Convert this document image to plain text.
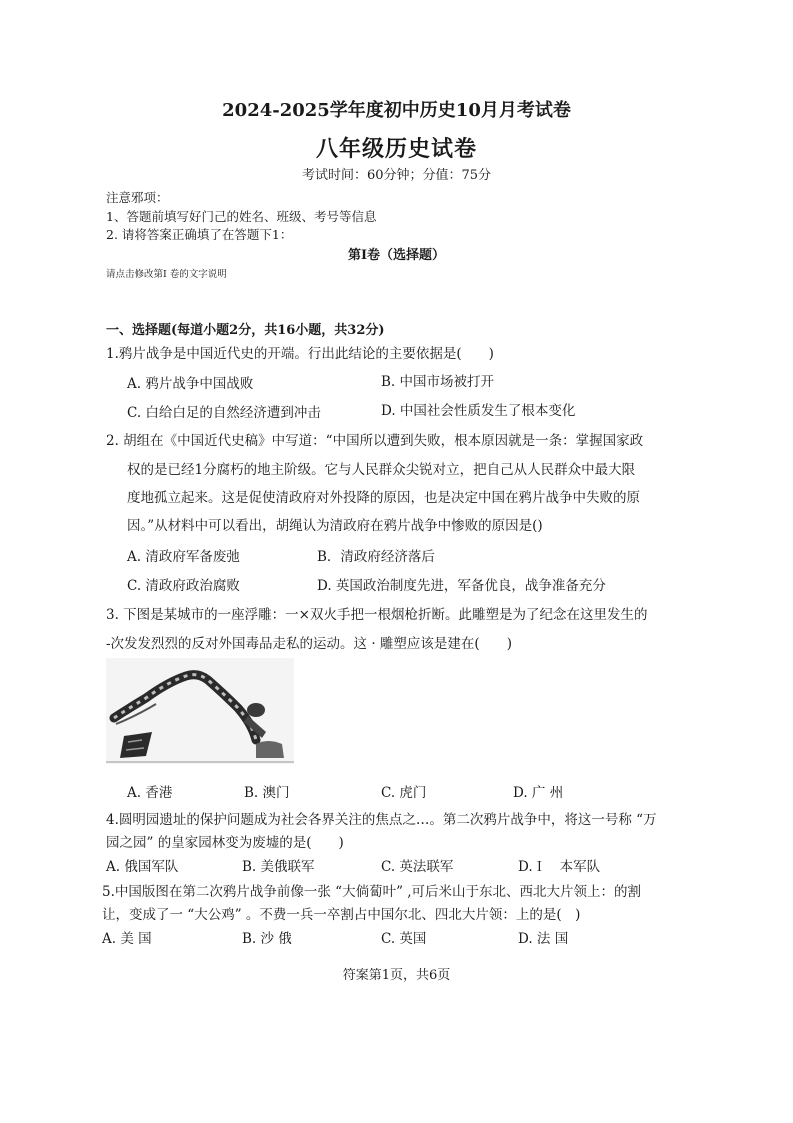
2024-2025学年度初中历史10月月考试卷
八年级历史试卷
考试时间：60分钟；分值：75分
注意邪项：
1、答题前填写好门己的姓名、班级、考号等信息
2. 请将答案正确填了在答题下1：
第Ⅰ卷（选择题）
请点击修改第I 卷的文字说明
一、选择题(每道小题2分，共16小题，共32分)
1.鸦片战争是中国近代史的开端。行出此结论的主要依据是(　　)
A. 鸦片战争中国战败	B. 中国市场被打开
C. 白给白足的自然经济遭到冲击	D. 中国社会性质发生了根本变化
2. 胡组在《中国近代史稿》中写道：“中国所以遭到失败，根本原因就是一条：掌握国家政
权的是已经1分腐朽的地主阶级。它与人民群众尖锐对立，把自己从人民群众中最大限
度地孤立起来。这是促使清政府对外投降的原因，也是决定中国在鸦片战争中失败的原
因。”从材料中可以看出，胡绳认为清政府在鸦片战争中惨败的原因是()
A. 清政府军备废弛	B．清政府经济落后
C. 清政府政治腐败	D. 英国政治制度先进，军备优良，战争准备充分
3. 下图是某城市的一座浮雕：一×双火手把一根烟枪折断。此雕塑是为了纪念在这里发生的
-次发发烈烈的反对外国毒品走私的运动。这 · 雕塑应该是建在(　　)
A. 香港	B. 澳门	C. 虎门	D. 广 州
4.圆明园遗址的保护问题成为社会各界关注的焦点之…。第二次鸦片战争中，将这一号称 “万
园之园” 的皇家园林变为废墟的是(　　)
A. 俄国军队	B. 美俄联军	C. 英法联军	D.Ｉ　本军队
5.中国版图在第二次鸦片战争前像一张 “大倘蔔叶” ,可后米山于东北、西北大片领上：的割
让，变成了一 “大公鸡” 。不费一兵一卒割占中国尔北、四北大片领：上的是(　)
A. 美 国	B. 沙 俄	C. 英国	D. 法 国
符案第1页，共6页
